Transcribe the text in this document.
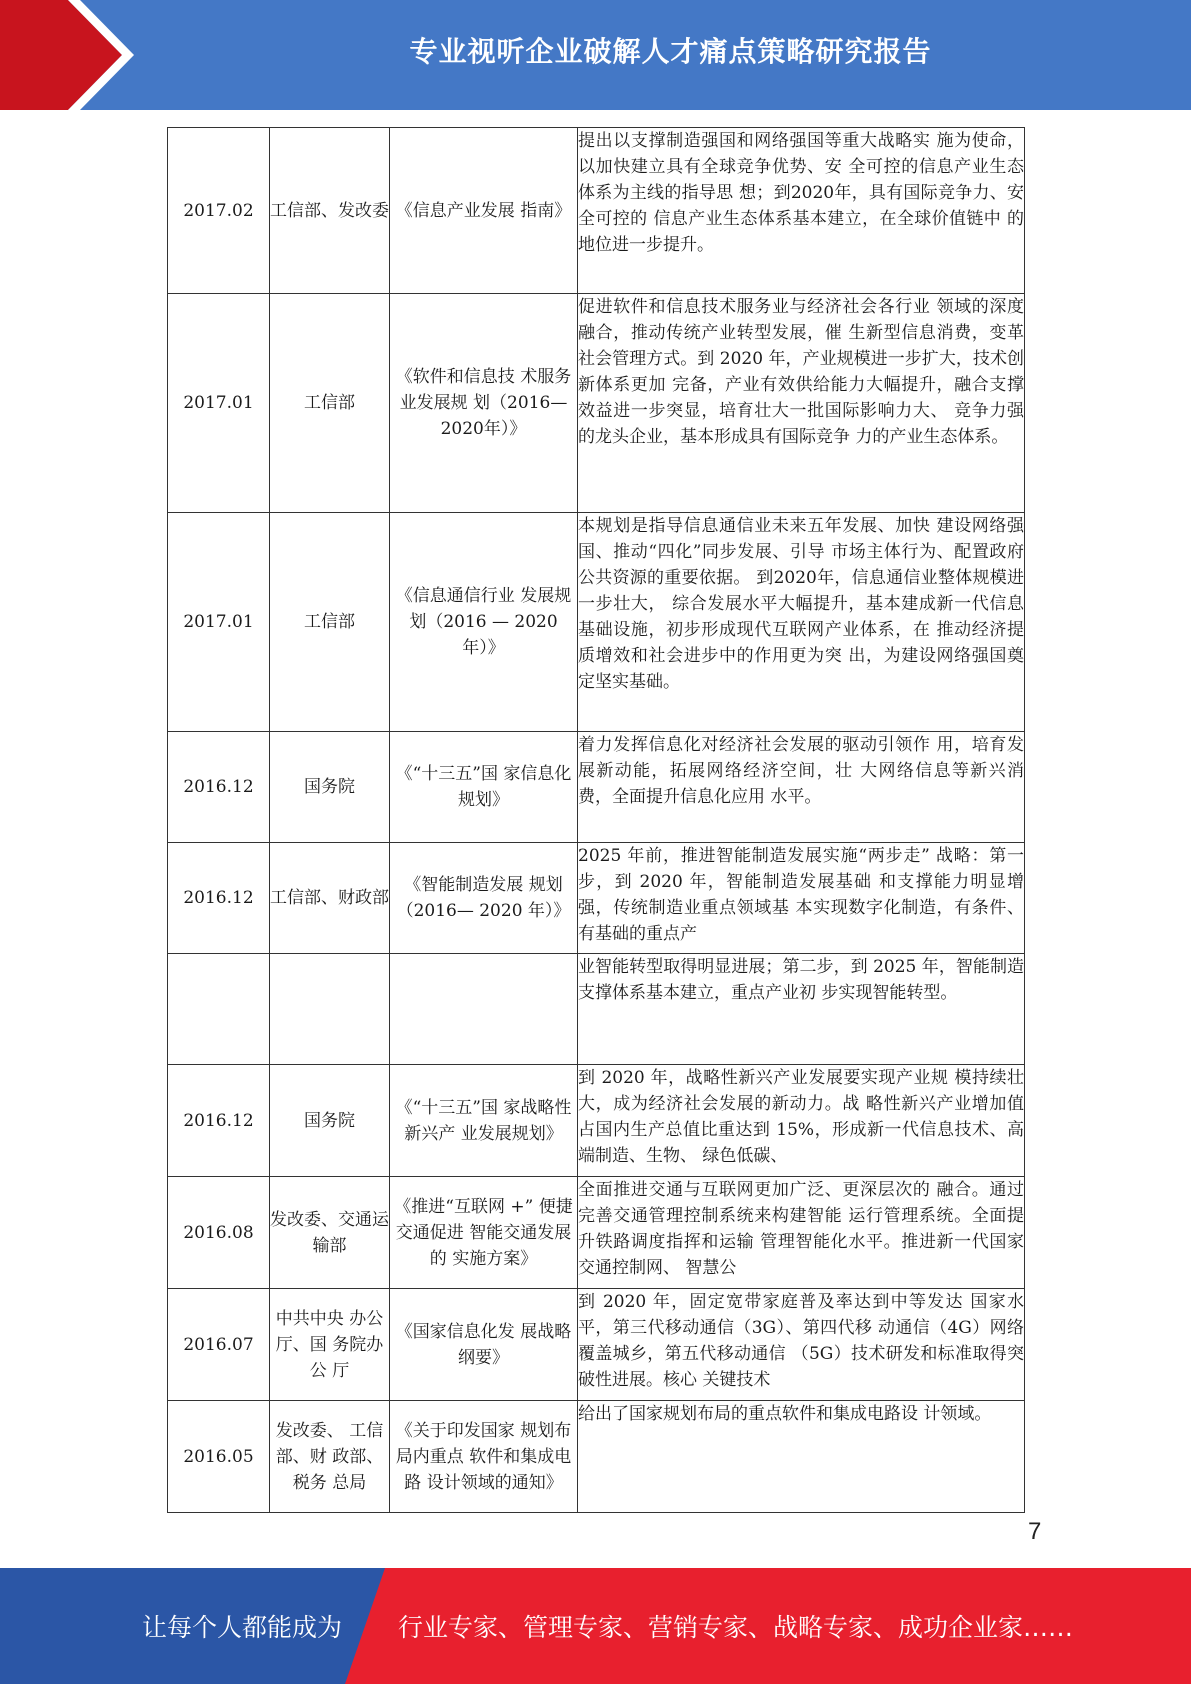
专业视听企业破解人才痛点策略研究报告
2017.02	工信部、发改委	《信息产业发展 指南》	提出以支撑制造强国和网络强国等重大战略实 施为使命，以加快建立具有全球竞争优势、安 全可控的信息产业生态体系为主线的指导思 想；到2020年，具有国际竞争力、安全可控的 信息产业生态体系基本建立，在全球价值链中 的地位进一步提升。
2017.01	工信部	《软件和信息技 术服务业发展规 划（2016— 2020年）》	促进软件和信息技术服务业与经济社会各行业 领域的深度融合，推动传统产业转型发展，催 生新型信息消费，变革社会管理方式。到 2020 年，产业规模进一步扩大，技术创新体系更加 完备，产业有效供给能力大幅提升，融合支撑 效益进一步突显，培育壮大一批国际影响力大、 竞争力强的龙头企业，基本形成具有国际竞争 力的产业生态体系。
2017.01	工信部	《信息通信行业 发展规划（2016 — 2020 年）》	本规划是指导信息通信业未来五年发展、加快 建设网络强国、推动“四化”同步发展、引导 市场主体行为、配置政府公共资源的重要依据。 到2020年，信息通信业整体规模进一步壮大， 综合发展水平大幅提升，基本建成新一代信息 基础设施，初步形成现代互联网产业体系，在 推动经济提质增效和社会进步中的作用更为突 出，为建设网络强国奠定坚实基础。
2016.12	国务院	《“十三五”国 家信息化规划》	着力发挥信息化对经济社会发展的驱动引领作 用，培育发展新动能，拓展网络经济空间，壮 大网络信息等新兴消费，全面提升信息化应用 水平。
2016.12	工信部、财政部	《智能制造发展 规划（2016— 2020 年）》	2025 年前，推进智能制造发展实施“两步走” 战略：第一步，到 2020 年，智能制造发展基础 和支撑能力明显增强，传统制造业重点领域基 本实现数字化制造，有条件、有基础的重点产
			业智能转型取得明显进展；第二步，到 2025 年，智能制造支撑体系基本建立，重点产业初 步实现智能转型。
2016.12	国务院	《“十三五”国 家战略性新兴产 业发展规划》	到 2020 年，战略性新兴产业发展要实现产业规 模持续壮大，成为经济社会发展的新动力。战 略性新兴产业增加值占国内生产总值比重达到 15%，形成新一代信息技术、高端制造、生物、 绿色低碳、
2016.08	发改委、交通运输部	《推进“互联网 +” 便捷交通促进 智能交通发展的 实施方案》	全面推进交通与互联网更加广泛、更深层次的 融合。通过完善交通管理控制系统来构建智能 运行管理系统。全面提升铁路调度指挥和运输 管理智能化水平。推进新一代国家交通控制网、 智慧公
2016.07	中共中央 办公厅、国 务院办公 厅	《国家信息化发 展战略纲要》	到 2020 年，固定宽带家庭普及率达到中等发达 国家水平，第三代移动通信（3G）、第四代移 动通信（4G）网络覆盖城乡，第五代移动通信 （5G）技术研发和标准取得突破性进展。核心 关键技术
2016.05	发改委、 工信部、财 政部、税务 总局	《关于印发国家 规划布局内重点 软件和集成电路 设计领域的通知》	给出了国家规划布局的重点软件和集成电路设 计领域。
7
让每个人都能成为 行业专家、管理专家、营销专家、战略专家、成功企业家……
